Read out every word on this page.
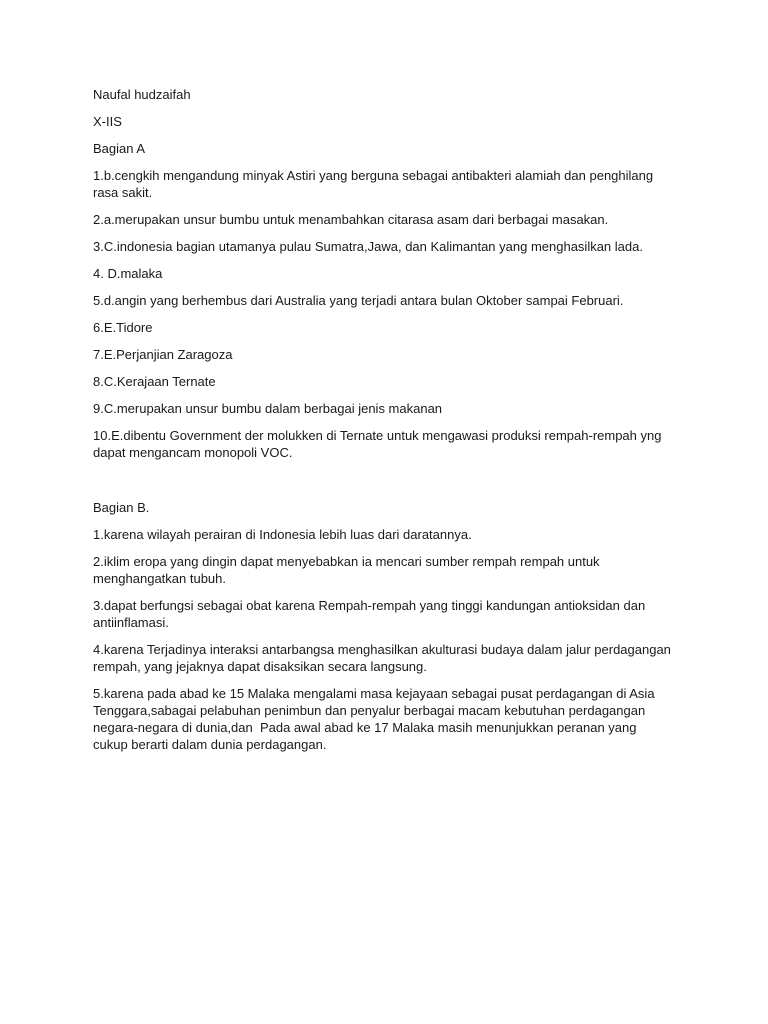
Naufal hudzaifah

X-IIS

Bagian A

1.b.cengkih mengandung minyak Astiri yang berguna sebagai antibakteri alamiah dan penghilang rasa sakit.

2.a.merupakan unsur bumbu untuk menambahkan citarasa asam dari berbagai masakan.

3.C.indonesia bagian utamanya pulau Sumatra,Jawa, dan Kalimantan yang menghasilkan lada.

4. D.malaka

5.d.angin yang berhembus dari Australia yang terjadi antara bulan Oktober sampai Februari.

6.E.Tidore

7.E.Perjanjian Zaragoza

8.C.Kerajaan Ternate

9.C.merupakan unsur bumbu dalam berbagai jenis makanan

10.E.dibentu Government der molukken di Ternate untuk mengawasi produksi rempah-rempah yng dapat mengancam monopoli VOC.

Bagian B.

1.karena wilayah perairan di Indonesia lebih luas dari daratannya.

2.iklim eropa yang dingin dapat menyebabkan ia mencari sumber rempah rempah untuk menghangatkan tubuh.

3.dapat berfungsi sebagai obat karena Rempah-rempah yang tinggi kandungan antioksidan dan antiinflamasi.

4.karena Terjadinya interaksi antarbangsa menghasilkan akulturasi budaya dalam jalur perdagangan rempah, yang jejaknya dapat disaksikan secara langsung.

5.karena pada abad ke 15 Malaka mengalami masa kejayaan sebagai pusat perdagangan di Asia Tenggara,sabagai pelabuhan penimbun dan penyalur berbagai macam kebutuhan perdagangan negara-negara di dunia,dan  Pada awal abad ke 17 Malaka masih menunjukkan peranan yang cukup berarti dalam dunia perdagangan.
